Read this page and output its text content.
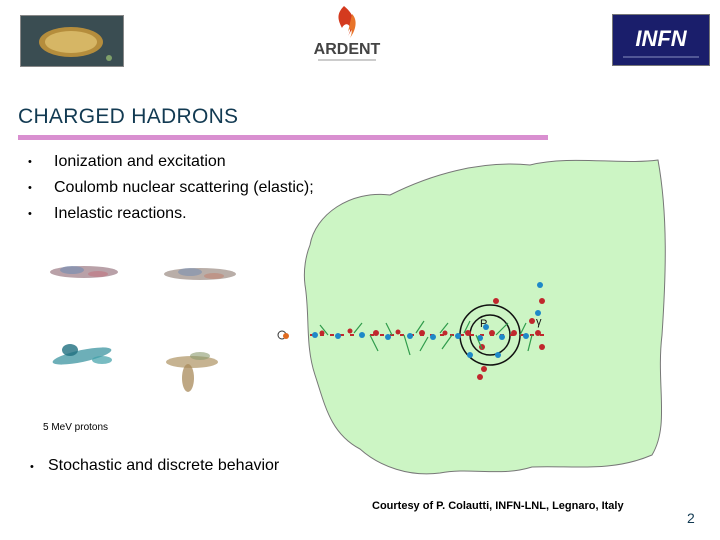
ARDENT	INFN
CHARGED HADRONS
•	Ionization and excitation
•	Coulomb nuclear scattering (elastic);
•	Inelastic reactions.
5 MeV protons
• Stochastic and discrete behavior
P	γ
Courtesy of P. Colautti, INFN-LNL, Legnaro, Italy
2
